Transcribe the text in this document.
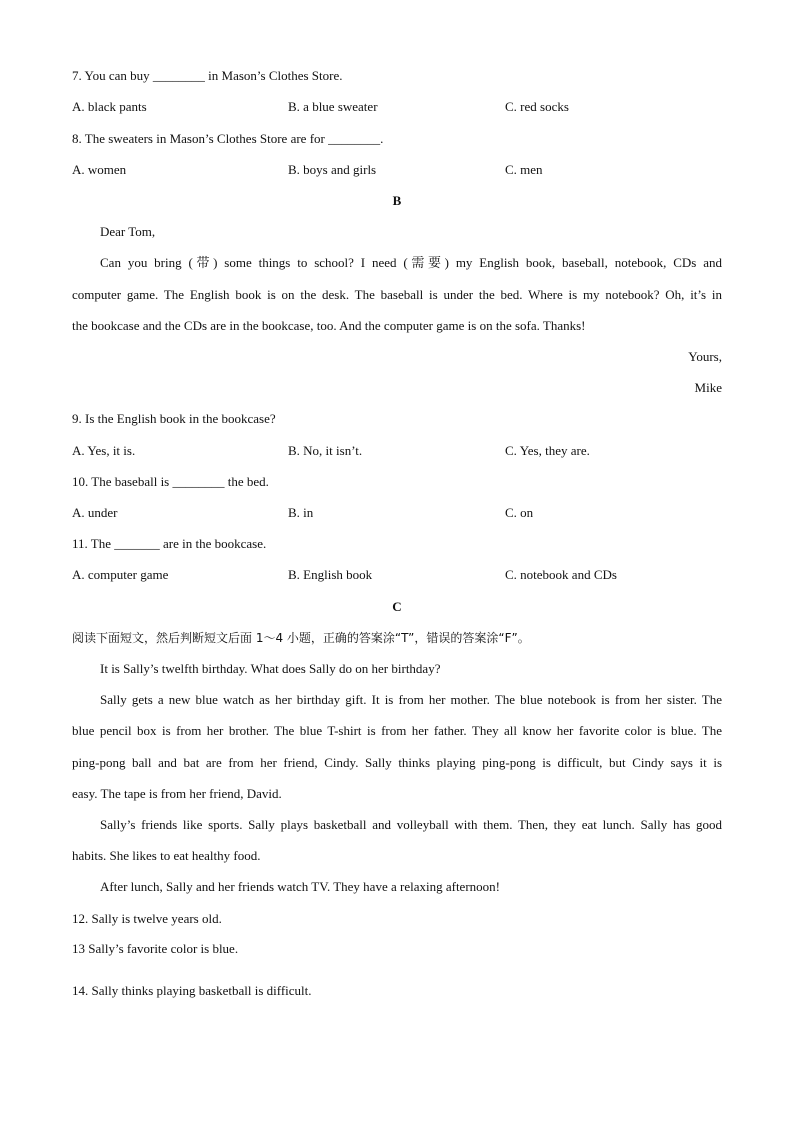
7. You can buy ________ in Mason’s Clothes Store.
A. black pants	B. a blue sweater	C. red socks
8. The sweaters in Mason’s Clothes Store are for ________.
A. women	B. boys and girls	C. men
B
Dear Tom,
Can you bring (带) some things to school? I need (需要) my English book, baseball, notebook, CDs and
computer game. The English book is on the desk. The baseball is under the bed. Where is my notebook? Oh, it’s in
the bookcase and the CDs are in the bookcase, too. And the computer game is on the sofa. Thanks!
Yours,
Mike
9. Is the English book in the bookcase?
A. Yes, it is.	B. No, it isn’t.	C. Yes, they are.
10. The baseball is ________ the bed.
A. under	B. in	C. on
11. The _______ are in the bookcase.
A. computer game	B. English book	C. notebook and CDs
C
阅读下面短文，然后判断短文后面 1～4 小题，正确的答案涂“T”，错误的答案涂“F”。
It is Sally’s twelfth birthday. What does Sally do on her birthday?
Sally gets a new blue watch as her birthday gift. It is from her mother. The blue notebook is from her sister. The
blue pencil box is from her brother. The blue T-shirt is from her father. They all know her favorite color is blue. The
ping-pong ball and bat are from her friend, Cindy. Sally thinks playing ping-pong is difficult, but Cindy says it is
easy. The tape is from her friend, David.
Sally’s friends like sports. Sally plays basketball and volleyball with them. Then, they eat lunch. Sally has good
habits. She likes to eat healthy food.
After lunch, Sally and her friends watch TV. They have a relaxing afternoon!
12. Sally is twelve years old.
13 Sally’s favorite color is blue.
14. Sally thinks playing basketball is difficult.
